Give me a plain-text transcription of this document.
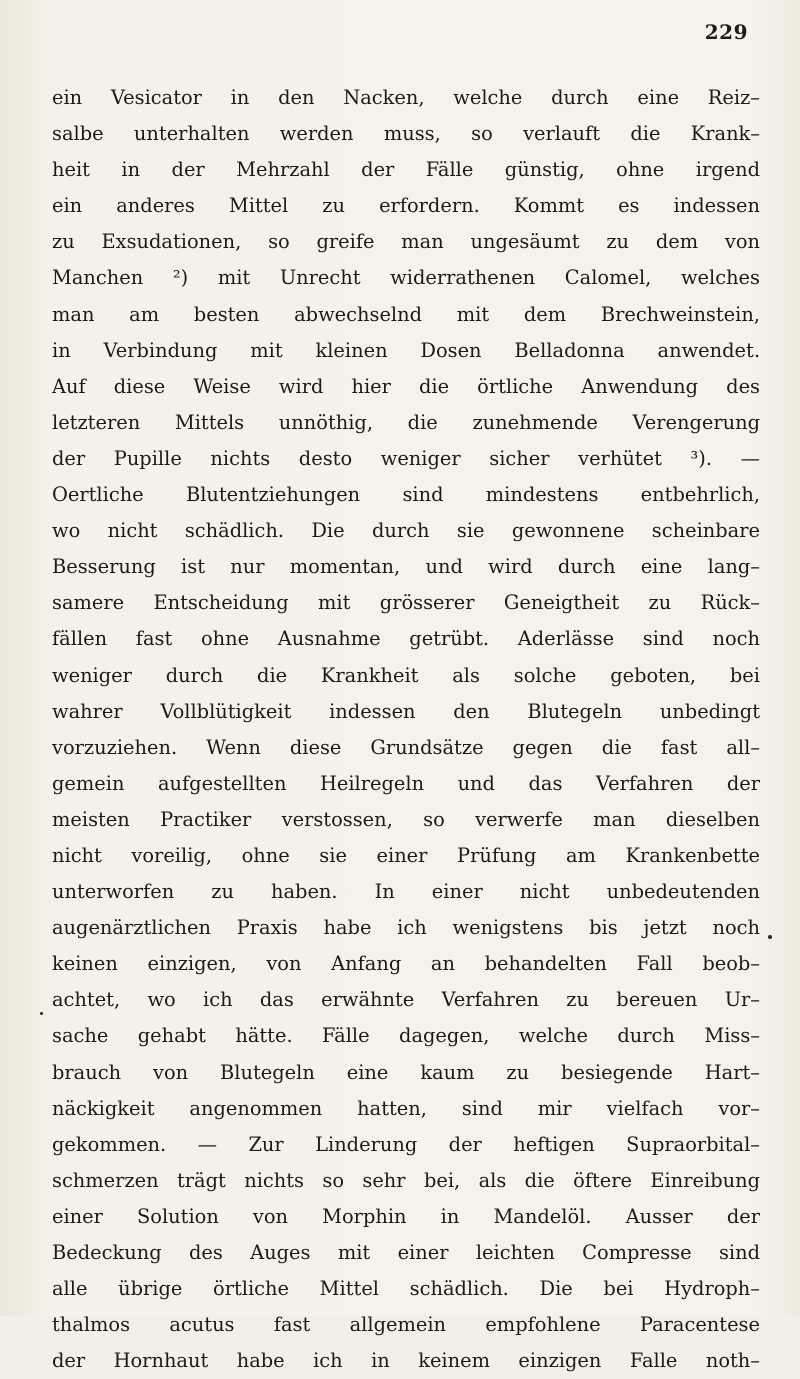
229
ein Vesicator in den Nacken, welche durch eine Reiz–
salbe unterhalten werden muss, so verlauft die Krank–
heit in der Mehrzahl der Fälle günstig, ohne irgend
ein anderes Mittel zu erfordern. Kommt es indessen
zu Exsudationen, so greife man ungesäumt zu dem von
Manchen ²) mit Unrecht widerrathenen Calomel, welches
man am besten abwechselnd mit dem Brechweinstein,
in Verbindung mit kleinen Dosen Belladonna anwendet.
Auf diese Weise wird hier die örtliche Anwendung des
letzteren Mittels unnöthig, die zunehmende Verengerung
der Pupille nichts desto weniger sicher verhütet ³). —
Oertliche Blutentziehungen sind mindestens entbehrlich,
wo nicht schädlich. Die durch sie gewonnene scheinbare
Besserung ist nur momentan, und wird durch eine lang–
samere Entscheidung mit grösserer Geneigtheit zu Rück–
fällen fast ohne Ausnahme getrübt. Aderlässe sind noch
weniger durch die Krankheit als solche geboten, bei
wahrer Vollblütigkeit indessen den Blutegeln unbedingt
vorzuziehen. Wenn diese Grundsätze gegen die fast all–
gemein aufgestellten Heilregeln und das Verfahren der
meisten Practiker verstossen, so verwerfe man dieselben
nicht voreilig, ohne sie einer Prüfung am Krankenbette
unterworfen zu haben. In einer nicht unbedeutenden
augenärztlichen Praxis habe ich wenigstens bis jetzt noch
keinen einzigen, von Anfang an behandelten Fall beob–
achtet, wo ich das erwähnte Verfahren zu bereuen Ur–
sache gehabt hätte. Fälle dagegen, welche durch Miss–
brauch von Blutegeln eine kaum zu besiegende Hart–
näckigkeit angenommen hatten, sind mir vielfach vor–
gekommen. — Zur Linderung der heftigen Supraorbital–
schmerzen trägt nichts so sehr bei, als die öftere Einreibung
einer Solution von Morphin in Mandelöl. Ausser der
Bedeckung des Auges mit einer leichten Compresse sind
alle übrige örtliche Mittel schädlich. Die bei Hydroph–
thalmos acutus fast allgemein empfohlene Paracentese
der Hornhaut habe ich in keinem einzigen Falle noth–
